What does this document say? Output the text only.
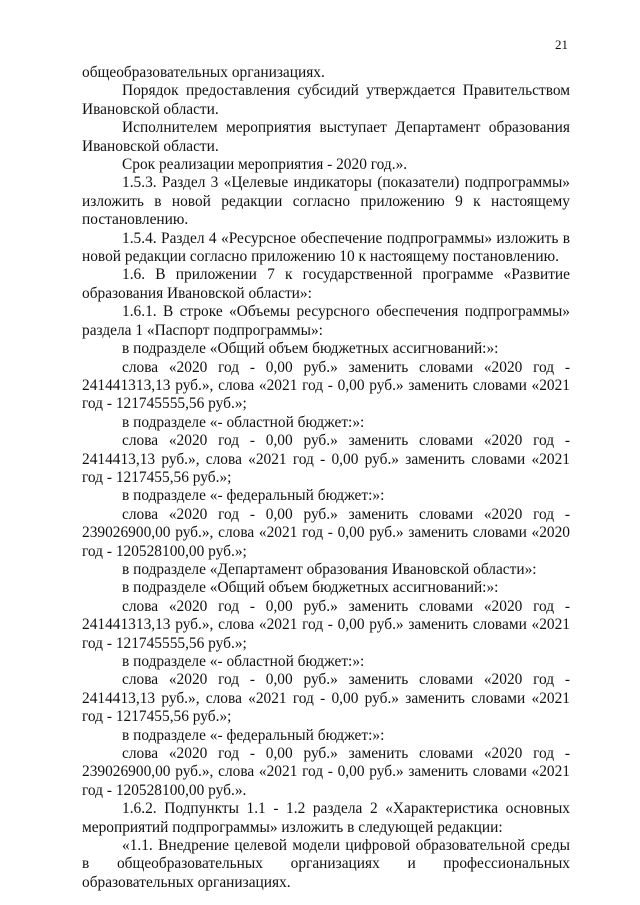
21

общеобразовательных организациях.

Порядок предоставления субсидий утверждается Правительством Ивановской области.

Исполнителем мероприятия выступает Департамент образования Ивановской области.

Срок реализации мероприятия - 2020 год.».

1.5.3. Раздел 3 «Целевые индикаторы (показатели) подпрограммы» изложить в новой редакции согласно приложению 9 к настоящему постановлению.

1.5.4. Раздел 4 «Ресурсное обеспечение подпрограммы» изложить в новой редакции согласно приложению 10 к настоящему постановлению.

1.6. В приложении 7 к государственной программе «Развитие образования Ивановской области»:

1.6.1. В строке «Объемы ресурсного обеспечения подпрограммы» раздела 1 «Паспорт подпрограммы»:

в подразделе «Общий объем бюджетных ассигнований:»:

слова «2020 год - 0,00 руб.» заменить словами «2020 год - 241441313,13 руб.», слова «2021 год - 0,00 руб.» заменить словами «2021 год - 121745555,56 руб.»;

в подразделе «- областной бюджет:»:

слова «2020 год - 0,00 руб.» заменить словами «2020 год - 2414413,13 руб.», слова «2021 год - 0,00 руб.» заменить словами «2021 год - 1217455,56 руб.»;

в подразделе «- федеральный бюджет:»:

слова «2020 год - 0,00 руб.» заменить словами «2020 год - 239026900,00 руб.», слова «2021 год - 0,00 руб.» заменить словами «2020 год - 120528100,00 руб.»;

в подразделе «Департамент образования Ивановской области»:

в подразделе «Общий объем бюджетных ассигнований:»:

слова «2020 год - 0,00 руб.» заменить словами «2020 год - 241441313,13 руб.», слова «2021 год - 0,00 руб.» заменить словами «2021 год - 121745555,56 руб.»;

в подразделе «- областной бюджет:»:

слова «2020 год - 0,00 руб.» заменить словами «2020 год - 2414413,13 руб.», слова «2021 год - 0,00 руб.» заменить словами «2021 год - 1217455,56 руб.»;

в подразделе «- федеральный бюджет:»:

слова «2020 год - 0,00 руб.» заменить словами «2020 год - 239026900,00 руб.», слова «2021 год - 0,00 руб.» заменить словами «2021 год - 120528100,00 руб.».

1.6.2. Подпункты 1.1 - 1.2 раздела 2 «Характеристика основных мероприятий подпрограммы» изложить в следующей редакции:

«1.1. Внедрение целевой модели цифровой образовательной среды в общеобразовательных организациях и профессиональных образовательных организациях.
